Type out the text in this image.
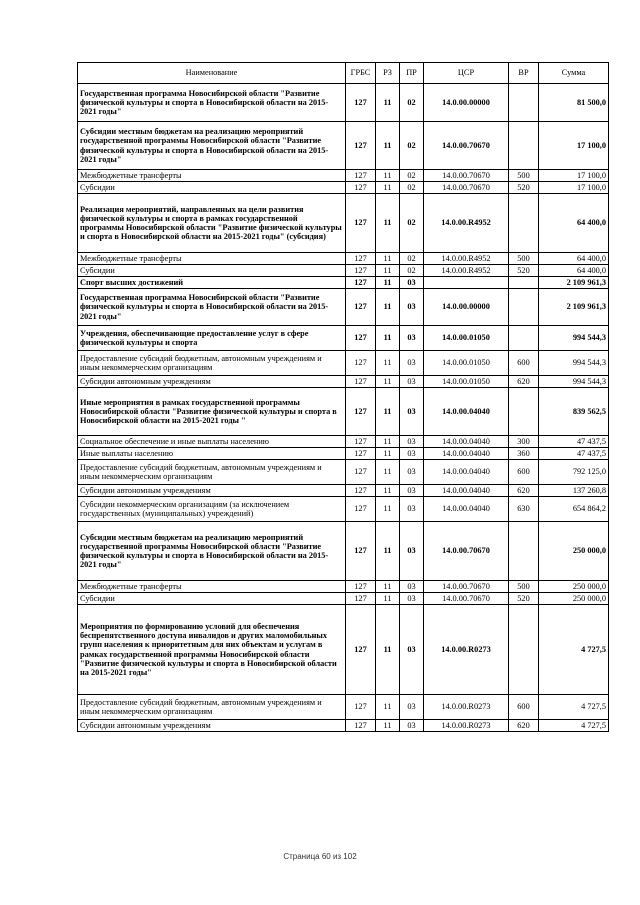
Наименование	ГРБС	РЗ	ПР	ЦСР	ВР	Сумма
Государственная программа Новосибирской области "Развитие физической культуры и спорта в Новосибирской области на 2015-2021 годы"	127	11	02	14.0.00.00000		81 500,0
Субсидии местным бюджетам на реализацию мероприятий государственной программы Новосибирской области "Развитие физической культуры и спорта в Новосибирской области на 2015-2021 годы"	127	11	02	14.0.00.70670		17 100,0
Межбюджетные трансферты	127	11	02	14.0.00.70670	500	17 100,0
Субсидии	127	11	02	14.0.00.70670	520	17 100,0
Реализация мероприятий, направленных на цели развития физической культуры и спорта в рамках государственной программы Новосибирской области "Развитие физической культуры и спорта в Новосибирской области на 2015-2021 годы" (субсидия)	127	11	02	14.0.00.R4952		64 400,0
Межбюджетные трансферты	127	11	02	14.0.00.R4952	500	64 400,0
Субсидии	127	11	02	14.0.00.R4952	520	64 400,0
Спорт высших достижений	127	11	03			2 109 961,3
Государственная программа Новосибирской области "Развитие физической культуры и спорта в Новосибирской области на 2015-2021 годы"	127	11	03	14.0.00.00000		2 109 961,3
Учреждения, обеспечивающие предоставление услуг в сфере физической культуры и спорта	127	11	03	14.0.00.01050		994 544,3
Предоставление субсидий бюджетным, автономным учреждениям и иным некоммерческим организациям	127	11	03	14.0.00.01050	600	994 544,3
Субсидии автономным учреждениям	127	11	03	14.0.00.01050	620	994 544,3
Иные мероприятия в рамках государственной программы Новосибирской области "Развитие физической культуры и спорта в Новосибирской области на 2015-2021 годы "	127	11	03	14.0.00.04040		839 562,5
Социальное обеспечение и иные выплаты населению	127	11	03	14.0.00.04040	300	47 437,5
Иные выплаты населению	127	11	03	14.0.00.04040	360	47 437,5
Предоставление субсидий бюджетным, автономным учреждениям и иным некоммерческим организациям	127	11	03	14.0.00.04040	600	792 125,0
Субсидии автономным учреждениям	127	11	03	14.0.00.04040	620	137 260,8
Субсидии некоммерческим организациям (за исключением государственных (муниципальных) учреждений)	127	11	03	14.0.00.04040	630	654 864,2
Субсидии местным бюджетам на реализацию мероприятий государственной программы Новосибирской области "Развитие физической культуры и спорта в Новосибирской области на 2015-2021 годы"	127	11	03	14.0.00.70670		250 000,0
Межбюджетные трансферты	127	11	03	14.0.00.70670	500	250 000,0
Субсидии	127	11	03	14.0.00.70670	520	250 000,0
Мероприятия по формированию условий для обеспечения беспрепятственного доступа инвалидов и других маломобильных групп населения к приоритетным для них объектам и услугам в рамках государственной программы Новосибирской области "Развитие физической культуры и спорта в Новосибирской области на 2015-2021 годы"	127	11	03	14.0.00.R0273		4 727,5
Предоставление субсидий бюджетным, автономным учреждениям и иным некоммерческим организациям	127	11	03	14.0.00.R0273	600	4 727,5
Субсидии автономным учреждениям	127	11	03	14.0.00.R0273	620	4 727,5
Страница 60 из 102
